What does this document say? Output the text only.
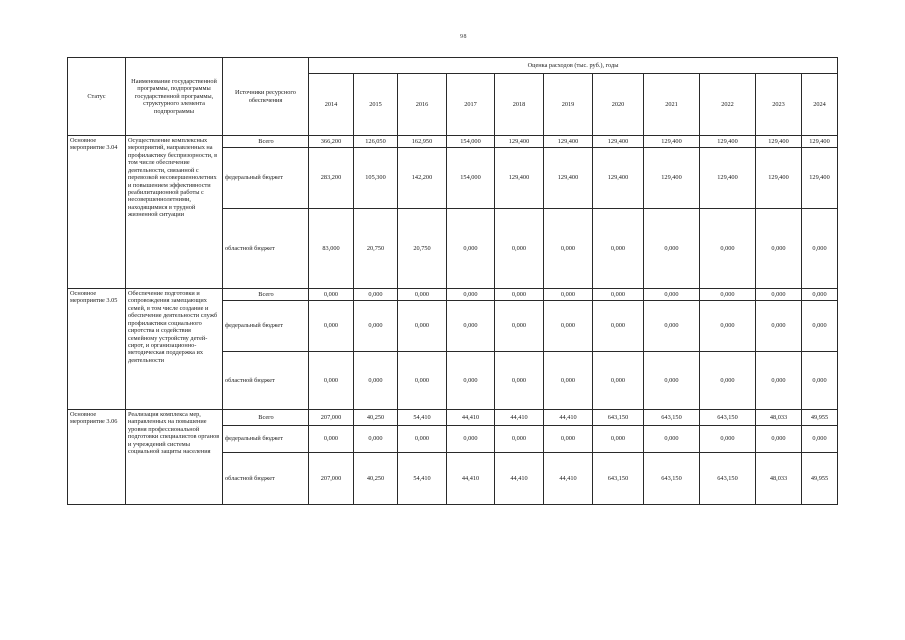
98
Статус	Наименование государственной программы, подпрограммы государственной программы, структурного элемента подпрограммы	Источники ресурсного обеспечения	Оценка расходов (тыс. руб.), годы										
			2014	2015	2016	2017	2018	2019	2020	2021	2022	2023	2024
Основное мероприятие 3.04	Осуществление комплексных мероприятий, направленных на профилактику беспризорности, в том числе обеспечение деятельности, связанной с перевозкой несовершеннолетних и повышением эффективности реабилитационной работы с несовершеннолетними, находящимися в трудной жизненной ситуации	Всего	366,200	126,050	162,950	154,000	129,400	129,400	129,400	129,400	129,400	129,400	129,400
		федеральный бюджет	283,200	105,300	142,200	154,000	129,400	129,400	129,400	129,400	129,400	129,400	129,400
		областной бюджет	83,000	20,750	20,750	0,000	0,000	0,000	0,000	0,000	0,000	0,000	0,000
Основное мероприятие 3.05	Обеспечение подготовки и сопровождения замещающих семей, в том числе создание и обеспечение деятельности служб профилактики социального сиротства и содействия семейному устройству детей-сирот, и организационно-методическая поддержка их деятельности	Всего	0,000	0,000	0,000	0,000	0,000	0,000	0,000	0,000	0,000	0,000	0,000
		федеральный бюджет	0,000	0,000	0,000	0,000	0,000	0,000	0,000	0,000	0,000	0,000	0,000
		областной бюджет	0,000	0,000	0,000	0,000	0,000	0,000	0,000	0,000	0,000	0,000	0,000
Основное мероприятие 3.06	Реализация комплекса мер, направленных на повышение уровня профессиональной подготовки специалистов органов и учреждений системы социальной защиты населения	Всего	207,000	40,250	54,410	44,410	44,410	44,410	643,150	643,150	643,150	48,033	49,955
		федеральный бюджет	0,000	0,000	0,000	0,000	0,000	0,000	0,000	0,000	0,000	0,000	0,000
		областной бюджет	207,000	40,250	54,410	44,410	44,410	44,410	643,150	643,150	643,150	48,033	49,955
